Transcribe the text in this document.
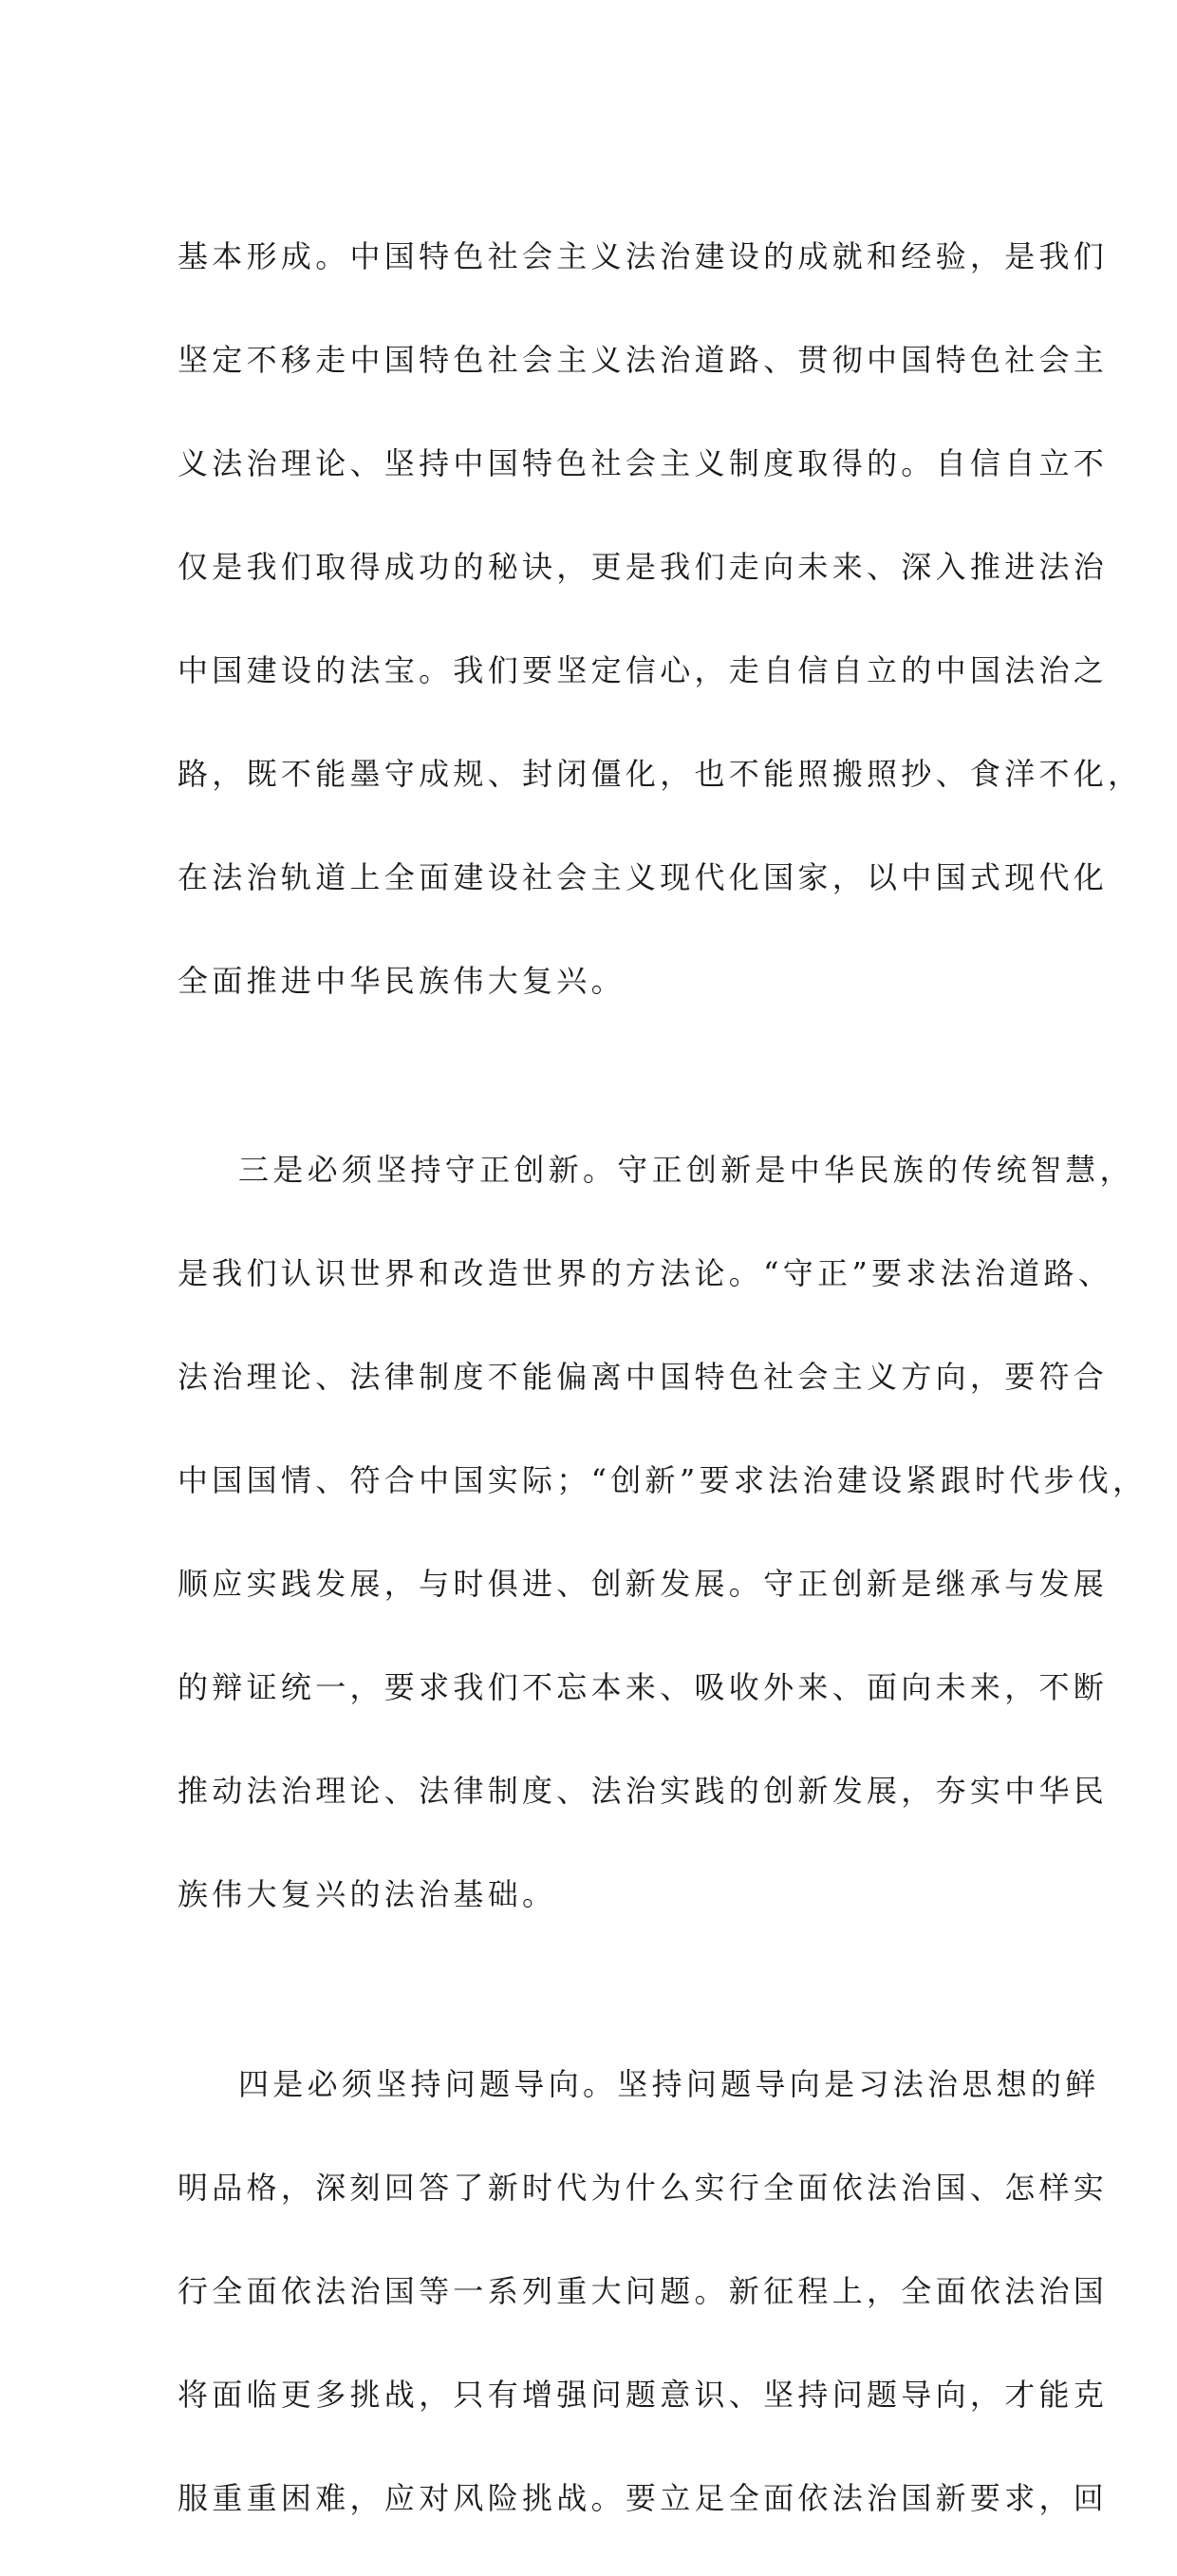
基本形成。中国特色社会主义法治建设的成就和经验，是我们

坚定不移走中国特色社会主义法治道路、贯彻中国特色社会主

义法治理论、坚持中国特色社会主义制度取得的。自信自立不

仅是我们取得成功的秘诀，更是我们走向未来、深入推进法治

中国建设的法宝。我们要坚定信心，走自信自立的中国法治之

路，既不能墨守成规、封闭僵化，也不能照搬照抄、食洋不化，

在法治轨道上全面建设社会主义现代化国家，以中国式现代化

全面推进中华民族伟大复兴。

三是必须坚持守正创新。守正创新是中华民族的传统智慧，

是我们认识世界和改造世界的方法论。“守正”要求法治道路、

法治理论、法律制度不能偏离中国特色社会主义方向，要符合

中国国情、符合中国实际；“创新”要求法治建设紧跟时代步伐，

顺应实践发展，与时俱进、创新发展。守正创新是继承与发展

的辩证统一，要求我们不忘本来、吸收外来、面向未来，不断

推动法治理论、法律制度、法治实践的创新发展，夯实中华民

族伟大复兴的法治基础。

四是必须坚持问题导向。坚持问题导向是习法治思想的鲜

明品格，深刻回答了新时代为什么实行全面依法治国、怎样实

行全面依法治国等一系列重大问题。新征程上，全面依法治国

将面临更多挑战，只有增强问题意识、坚持问题导向，才能克

服重重困难，应对风险挑战。要立足全面依法治国新要求，回
